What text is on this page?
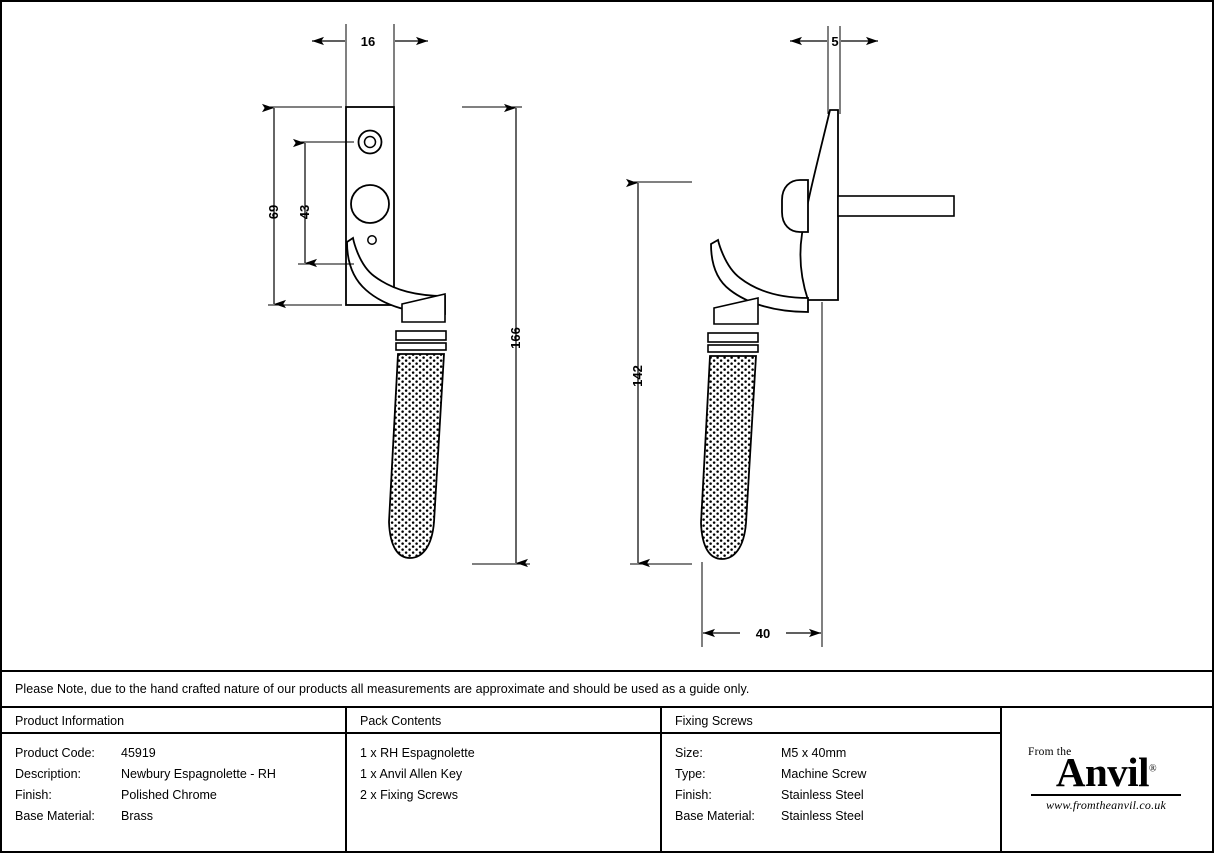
16	5
43
69
166
142
40
Please Note, due to the hand crafted nature of our products all measurements are approximate and should be used as a guide only.
Product Information
Product Code:	45919
Description:	Newbury Espagnolette - RH
Finish:	Polished Chrome
Base Material:	Brass
Pack Contents
1 x RH Espagnolette
1 x Anvil Allen Key
2 x Fixing Screws
Fixing Screws
Size:	M5 x 40mm
Type:	Machine Screw
Finish:	Stainless Steel
Base Material:	Stainless Steel
From the
Anvil®
www.fromtheanvil.co.uk
